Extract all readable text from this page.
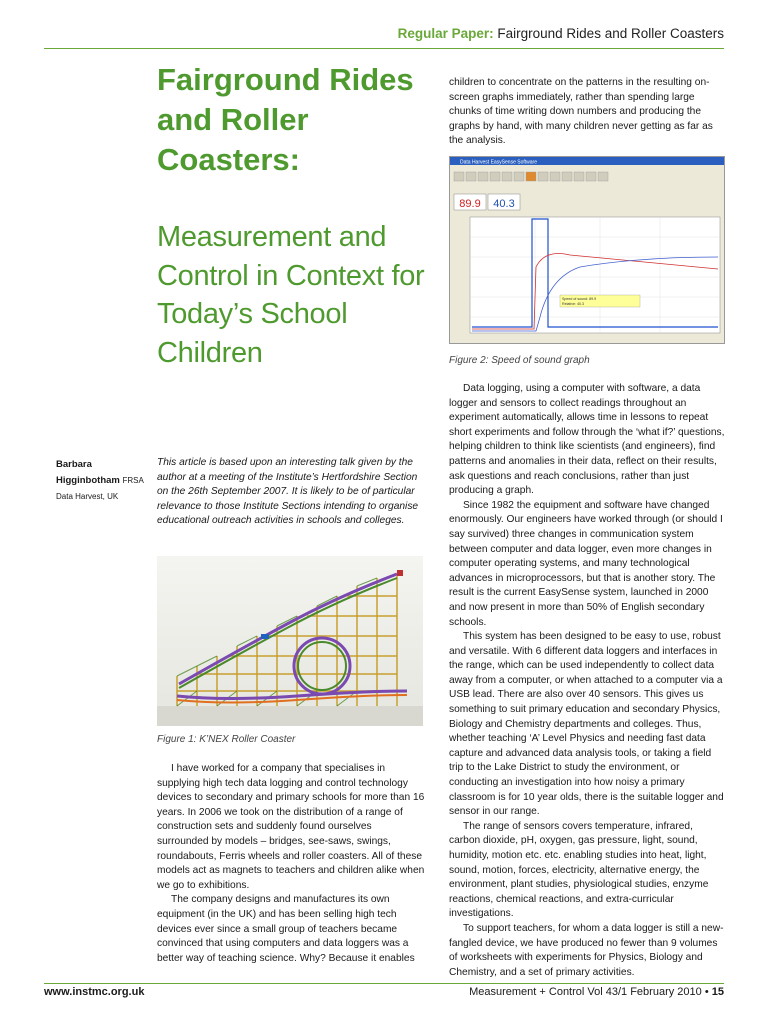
Regular Paper: Fairground Rides and Roller Coasters
Fairground Rides and Roller Coasters:
Measurement and Control in Context for Today’s School Children
Barbara
Higginbotham FRSA
Data Harvest, UK

This article is based upon an interesting talk given by the author at a meeting of the Institute’s Hertfordshire Section on the 26th September 2007. It is likely to be of particular relevance to those Institute Sections intending to organise educational outreach activities in schools and colleges.

Figure 1: K’NEX Roller Coaster

I have worked for a company that specialises in supplying high tech data logging and control technology devices to secondary and primary schools for more than 16 years. In 2006 we took on the distribution of a range of construction sets and suddenly found ourselves surrounded by models – bridges, see-saws, swings, roundabouts, Ferris wheels and roller coasters. All of these models act as magnets to teachers and children alike when we go to exhibitions.

The company designs and manufactures its own equipment (in the UK) and has been selling high tech devices ever since a small group of teachers became convinced that using computers and data loggers was a better way of teaching science. Why? Because it enables

children to concentrate on the patterns in the resulting on-screen graphs immediately, rather than spending large chunks of time writing down numbers and producing the graphs by hand, with many children never getting as far as the analysis.

Data Harvest EasySense Software
89.9 40.3
Speed of sound: 89.9
Relative: 40.3
Figure 2: Speed of sound graph

Data logging, using a computer with software, a data logger and sensors to collect readings throughout an experiment automatically, allows time in lessons to repeat short experiments and follow through the ‘what if?’ questions, helping children to think like scientists (and engineers), find patterns and anomalies in their data, reflect on their results, ask questions and reach conclusions, rather than just producing a graph.

Since 1982 the equipment and software have changed enormously. Our engineers have worked through (or should I say survived) three changes in communication system between computer and data logger, even more changes in computer operating systems, and many technological advances in microprocessors, but that is another story. The result is the current EasySense system, launched in 2000 and now present in more than 50% of English secondary schools.

This system has been designed to be easy to use, robust and versatile. With 6 different data loggers and interfaces in the range, which can be used independently to collect data away from a computer, or when attached to a computer via a USB lead. There are also over 40 sensors. This gives us something to suit primary education and secondary Physics, Biology and Chemistry departments and colleges. Thus, whether teaching ‘A’ Level Physics and needing fast data capture and advanced data analysis tools, or taking a field trip to the Lake District to study the environment, or conducting an investigation into how noisy a primary classroom is for 10 year olds, there is the suitable logger and sensor in our range.

The range of sensors covers temperature, infrared, carbon dioxide, pH, oxygen, gas pressure, light, sound, humidity, motion etc. etc. enabling studies into heat, light, sound, motion, forces, electricity, alternative energy, the environment, plant studies, physiological studies, enzyme reactions, chemical reactions, and extra-curricular investigations.

To support teachers, for whom a data logger is still a new-fangled device, we have produced no fewer than 9 volumes of worksheets with experiments for Physics, Biology and Chemistry, and a set of primary activities.

www.instmc.org.uk	Measurement + Control Vol 43/1 February 2010 • 15
